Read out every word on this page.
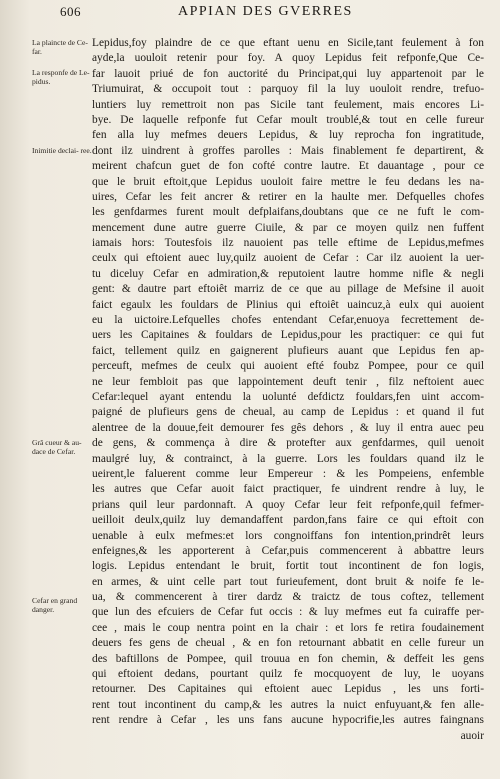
606	APPIAN DES GVERRES
La plaincte de Ce- far.
La responfe de Le- pidus.
Inimitie declai- ree.
Grâ cueur & au- dace de Cefar.
Cefar en grand danger.
Lepidus,foy plaindre de ce que eftant uenu en Sicile,tant feulement à fon
ayde,la uouloit retenir pour foy. A quoy Lepidus feit refponfe,Que Ce-
far lauoit priué de fon auctorité du Principat,qui luy appartenoit par le
Triumuirat, & occupoit tout : parquoy fil la luy uouloit rendre, trefuo-
luntiers luy remettroit non pas Sicile tant feulement, mais encores Li-
bye. De laquelle refponfe fut Cefar moult troublé,& tout en celle fureur
fen alla luy mefmes deuers Lepidus, & luy reprocha fon ingratitude,
dont ilz uindrent à groffes parolles : Mais finablement fe departirent, &
meirent chafcun guet de fon cofté contre lautre. Et dauantage , pour ce
que le bruit eftoit,que Lepidus uouloit faire mettre le feu dedans les na-
uires, Cefar les feit ancrer & retirer en la haulte mer. Defquelles chofes
les genfdarmes furent moult defplaifans,doubtans que ce ne fuft le com-
mencement dune autre guerre Ciuile, & par ce moyen quilz nen fuffent
iamais hors: Toutesfois ilz nauoient pas telle eftime de Lepidus,mefmes
ceulx qui eftoient auec luy,quilz auoient de Cefar : Car ilz auoient la uer-
tu diceluy Cefar en admiration,& reputoient lautre homme nifle & negli
gent: & dautre part eftoiêt marriz de ce que au pillage de Mefsine il auoit
faict egaulx les fouldars de Plinius qui eftoiêt uaincuz,à eulx qui auoient
eu la uictoire.Lefquelles chofes entendant Cefar,enuoya fecrettement de-
uers les Capitaines & fouldars de Lepidus,pour les practiquer: ce qui fut
faict, tellement quilz en gaignerent plufieurs auant que Lepidus fen ap-
perceuft, mefmes de ceulx qui auoient efté foubz Pompee, pour ce quil
ne leur fembloit pas que lappointement deuft tenir , filz neftoient auec
Cefar:lequel ayant entendu la uolunté defdictz fouldars,fen uint accom-
paigné de plufieurs gens de cheual, au camp de Lepidus : et quand il fut
alentree de la douue,feit demourer fes gês dehors , & luy il entra auec peu
de gens, & commença à dire & protefter aux genfdarmes, quil uenoit
maulgré luy, & contrainct, à la guerre. Lors les fouldars quand ilz le
ueirent,le faluerent comme leur Empereur : & les Pompeiens, enfemble
les autres que Cefar auoit faict practiquer, fe uindrent rendre à luy, le
prians quil leur pardonnaft. A quoy Cefar leur feit refponfe,quil fefmer-
ueilloit deulx,quilz luy demandaffent pardon,fans faire ce qui eftoit con
uenable à eulx mefmes:et lors congnoiffans fon intention,prindrêt leurs
enfeignes,& les apporterent à Cefar,puis commencerent à abbattre leurs
logis. Lepidus entendant le bruit, fortit tout incontinent de fon logis,
en armes, & uint celle part tout furieufement, dont bruit & noife fe le-
ua, & commencerent à tirer dardz & traictz de tous coftez, tellement
que lun des efcuiers de Cefar fut occis : & luy mefmes eut fa cuiraffe per-
cee , mais le coup nentra point en la chair : et lors fe retira foudainement
deuers fes gens de cheual , & en fon retournant abbatit en celle fureur un
des baftillons de Pompee, quil trouua en fon chemin, & deffeit les gens
qui eftoient dedans, pourtant quilz fe mocquoyent de luy, le uoyans
retourner. Des Capitaines qui eftoient auec Lepidus , les uns forti-
rent tout incontinent du camp,& les autres la nuict enfuyuant,& fen alle-
rent rendre à Cefar , les uns fans aucune hypocrifie,les autres faingnans
auoir
